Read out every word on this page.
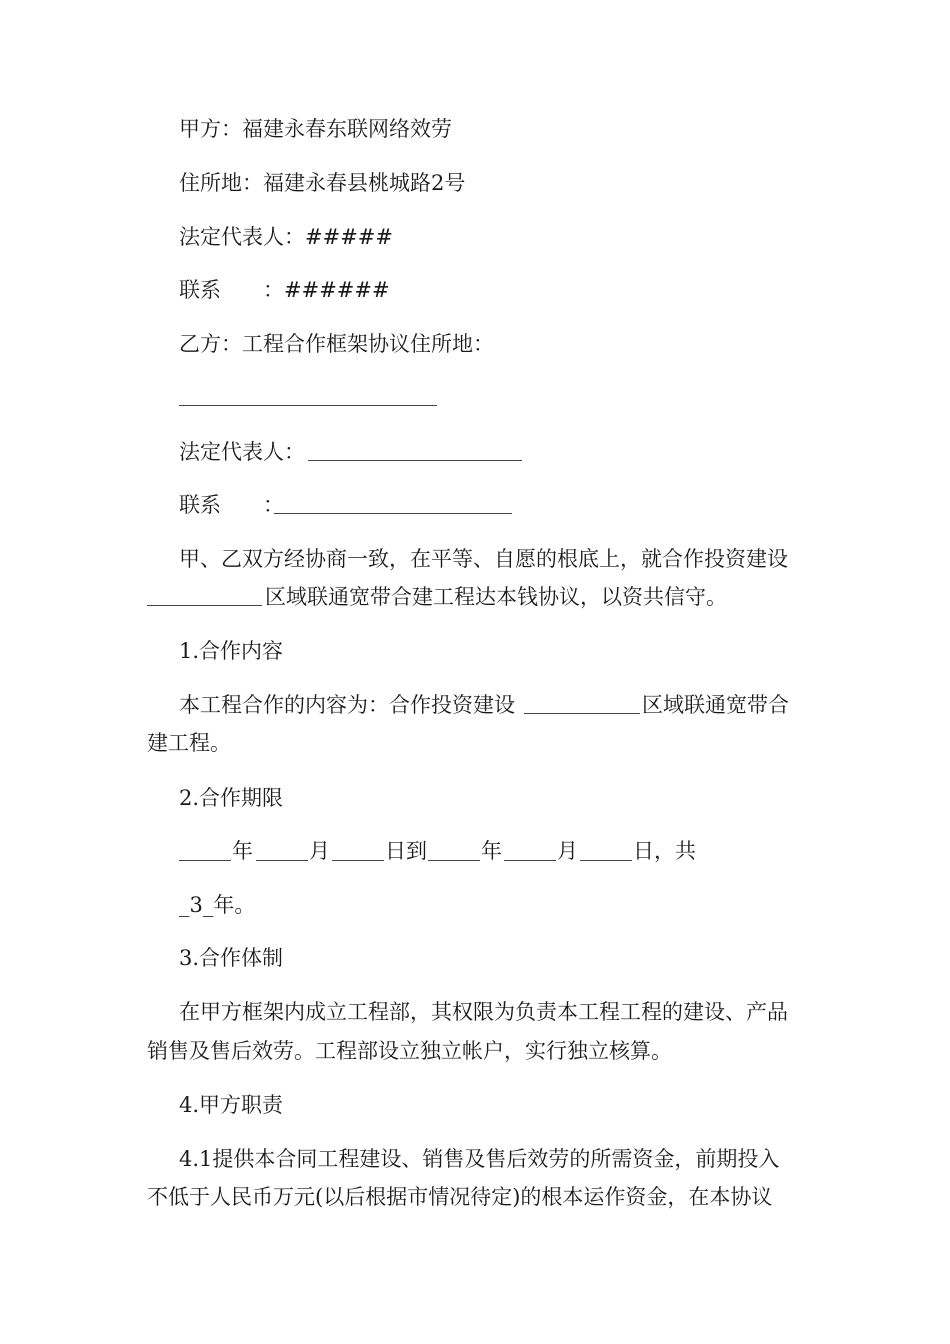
甲方：福建永春东联网络效劳
住所地：福建永春县桃城路2号
法定代表人：#####
联系　　：######
乙方：工程合作框架协议住所地：
法定代表人：
联系　　：
甲、乙双方经协商一致，在平等、自愿的根底上，就合作投资建设
区域联通宽带合建工程达本钱协议，以资共信守。
1.合作内容
本工程合作的内容为：合作投资建设	区域联通宽带合
建工程。
2.合作期限
年	月	日到	年	月	日，共
_3_年。
3.合作体制
在甲方框架内成立工程部，其权限为负责本工程工程的建设、产品
销售及售后效劳。工程部设立独立帐户，实行独立核算。
4.甲方职责
4.1提供本合同工程建设、销售及售后效劳的所需资金，前期投入
不低于人民币万元(以后根据市情况待定)的根本运作资金，在本协议
